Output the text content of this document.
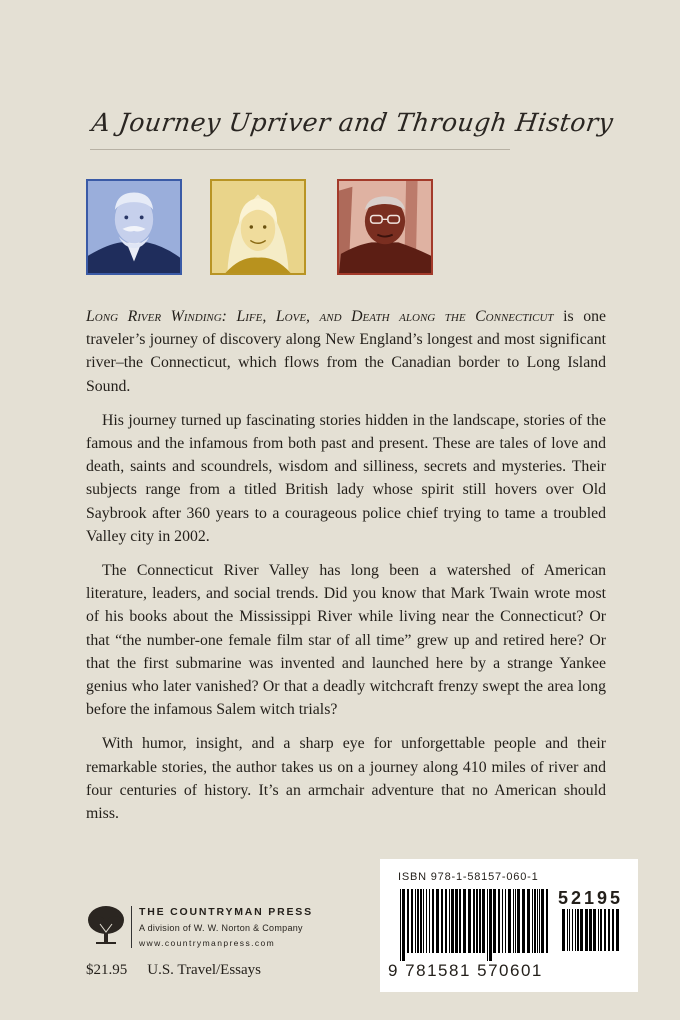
A Journey Upriver and Through History

Long River Winding: Life, Love, and Death along the Connecticut is one traveler’s journey of discovery along New England’s longest and most significant river–the Connecticut, which flows from the Canadian border to Long Island Sound.

His journey turned up fascinating stories hidden in the landscape, stories of the famous and the infamous from both past and present. These are tales of love and death, saints and scoundrels, wisdom and silliness, secrets and mysteries. Their subjects range from a titled British lady whose spirit still hovers over Old Saybrook after 360 years to a courageous police chief trying to tame a troubled Valley city in 2002.

The Connecticut River Valley has long been a watershed of American literature, leaders, and social trends. Did you know that Mark Twain wrote most of his books about the Mississippi River while living near the Connecticut? Or that “the number-one female film star of all time” grew up and retired here? Or that the first submarine was invented and launched here by a strange Yankee genius who later vanished? Or that a deadly witchcraft frenzy swept the area long before the infamous Salem witch trials?

With humor, insight, and a sharp eye for unforgettable people and their remarkable stories, the author takes us on a journey along 410 miles of river and four centuries of history. It’s an armchair adventure that no American should miss.

THE COUNTRYMAN PRESS
A division of W. W. Norton & Company
www.countrymanpress.com
$21.95 U.S. Travel/Essays
ISBN 978-1-58157-060-1
52195
9 781581 570601
